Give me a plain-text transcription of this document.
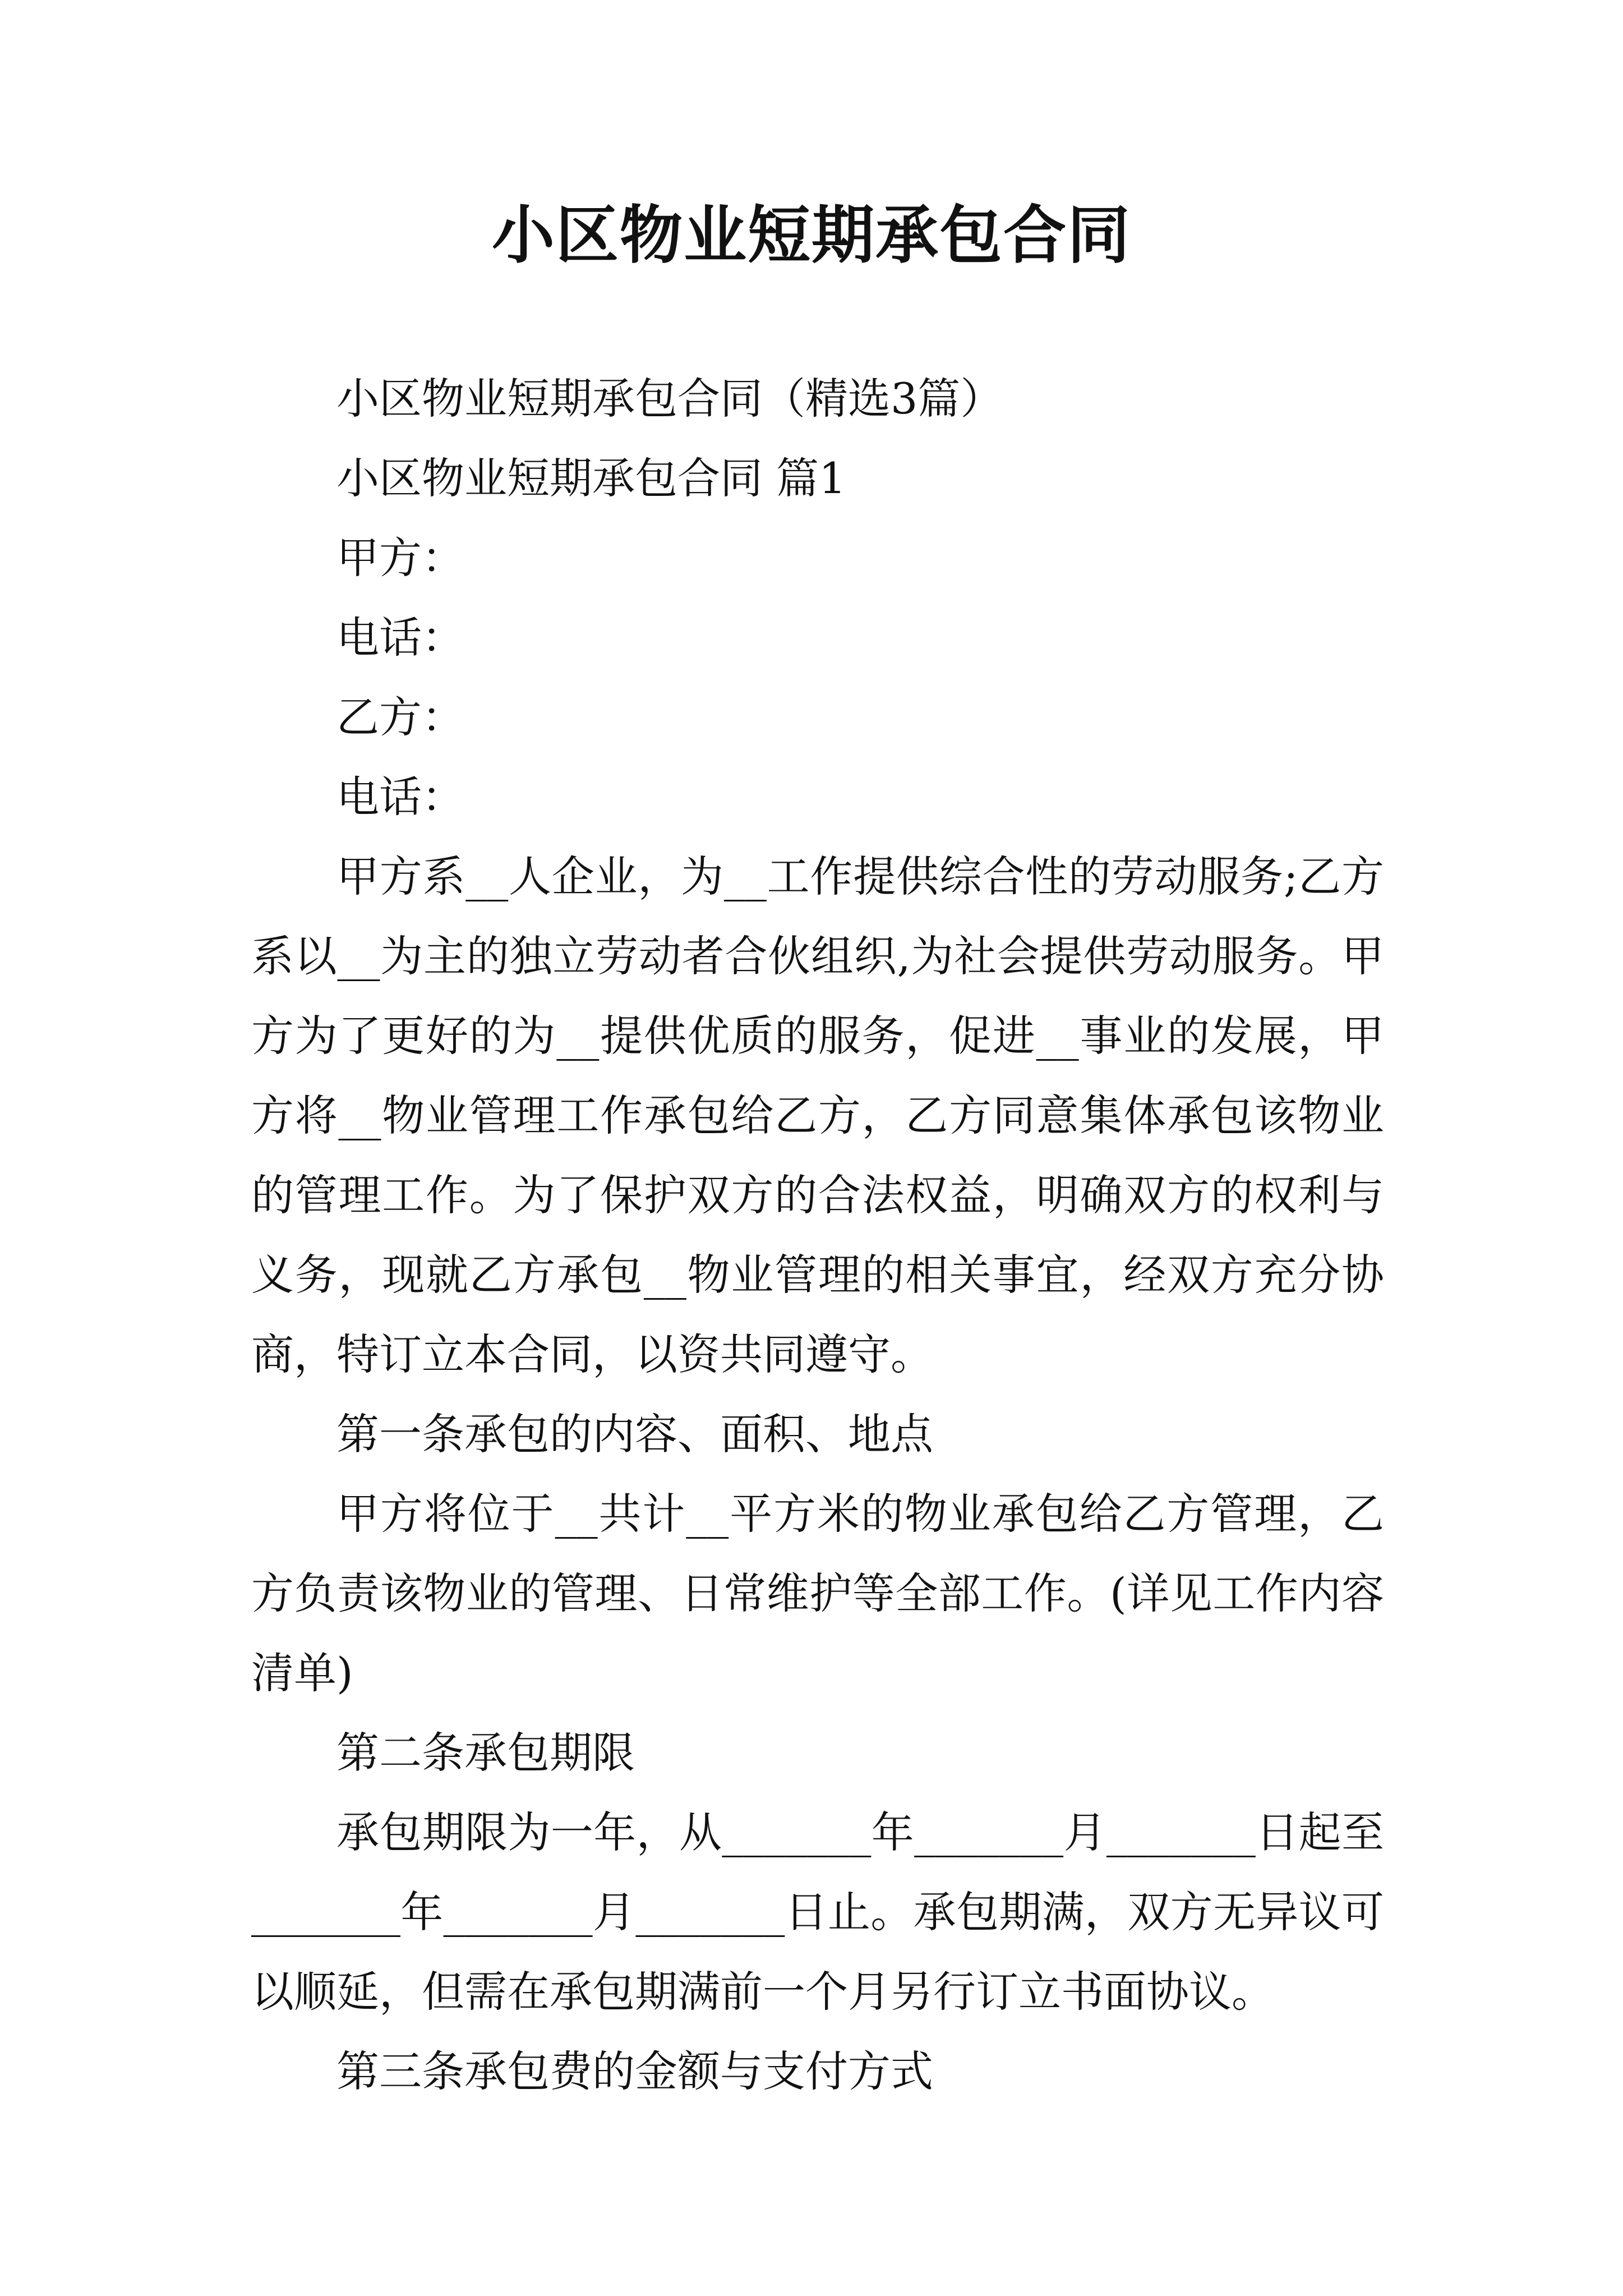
小区物业短期承包合同

小区物业短期承包合同（精选3篇）

小区物业短期承包合同 篇1

甲方：

电话：

乙方：

电话：

甲方系__人企业，为__工作提供综合性的劳动服务;乙方系以__为主的独立劳动者合伙组织,为社会提供劳动服务。甲方为了更好的为__提供优质的服务，促进__事业的发展，甲方将__物业管理工作承包给乙方，乙方同意集体承包该物业的管理工作。为了保护双方的合法权益，明确双方的权利与义务，现就乙方承包__物业管理的相关事宜，经双方充分协商，特订立本合同，以资共同遵守。

第一条承包的内容、面积、地点

甲方将位于__共计__平方米的物业承包给乙方管理，乙方负责该物业的管理、日常维护等全部工作。(详见工作内容清单)

第二条承包期限

承包期限为一年，从_______年_______月_______日起至_______年_______月_______日止。承包期满，双方无异议可以顺延，但需在承包期满前一个月另行订立书面协议。

第三条承包费的金额与支付方式
